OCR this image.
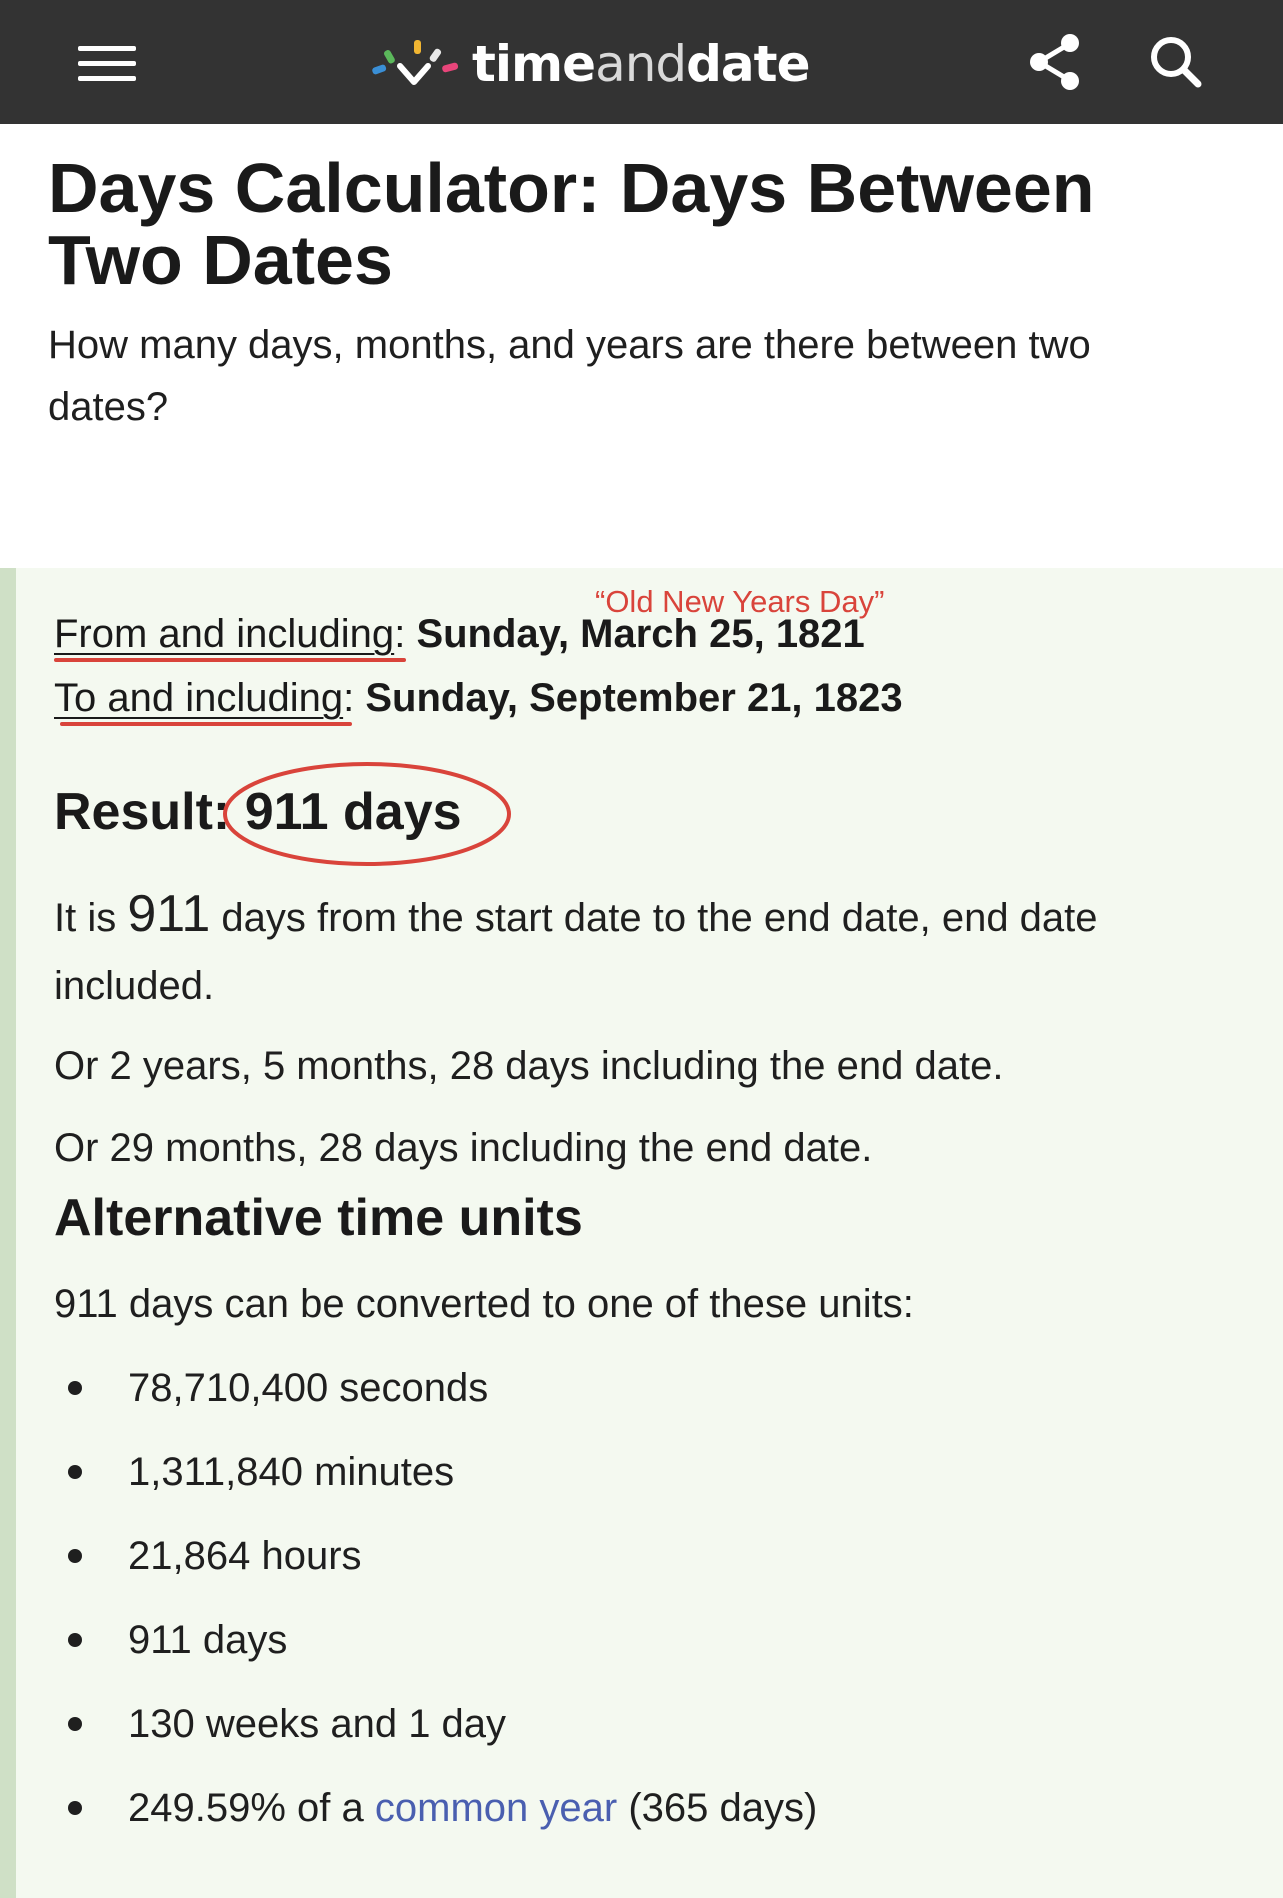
timeanddate
Days Calculator: Days Between Two Dates

How many days, months, and years are there between two dates?

“Old New Years Day”
From and including: Sunday, March 25, 1821
To and including: Sunday, September 21, 1823
Result: 911 days

It is 911 days from the start date to the end date, end date included.

Or 2 years, 5 months, 28 days including the end date.

Or 29 months, 28 days including the end date.

Alternative time units

911 days can be converted to one of these units:

78,710,400 seconds
1,311,840 minutes
21,864 hours
911 days
130 weeks and 1 day
249.59% of a common year (365 days)
